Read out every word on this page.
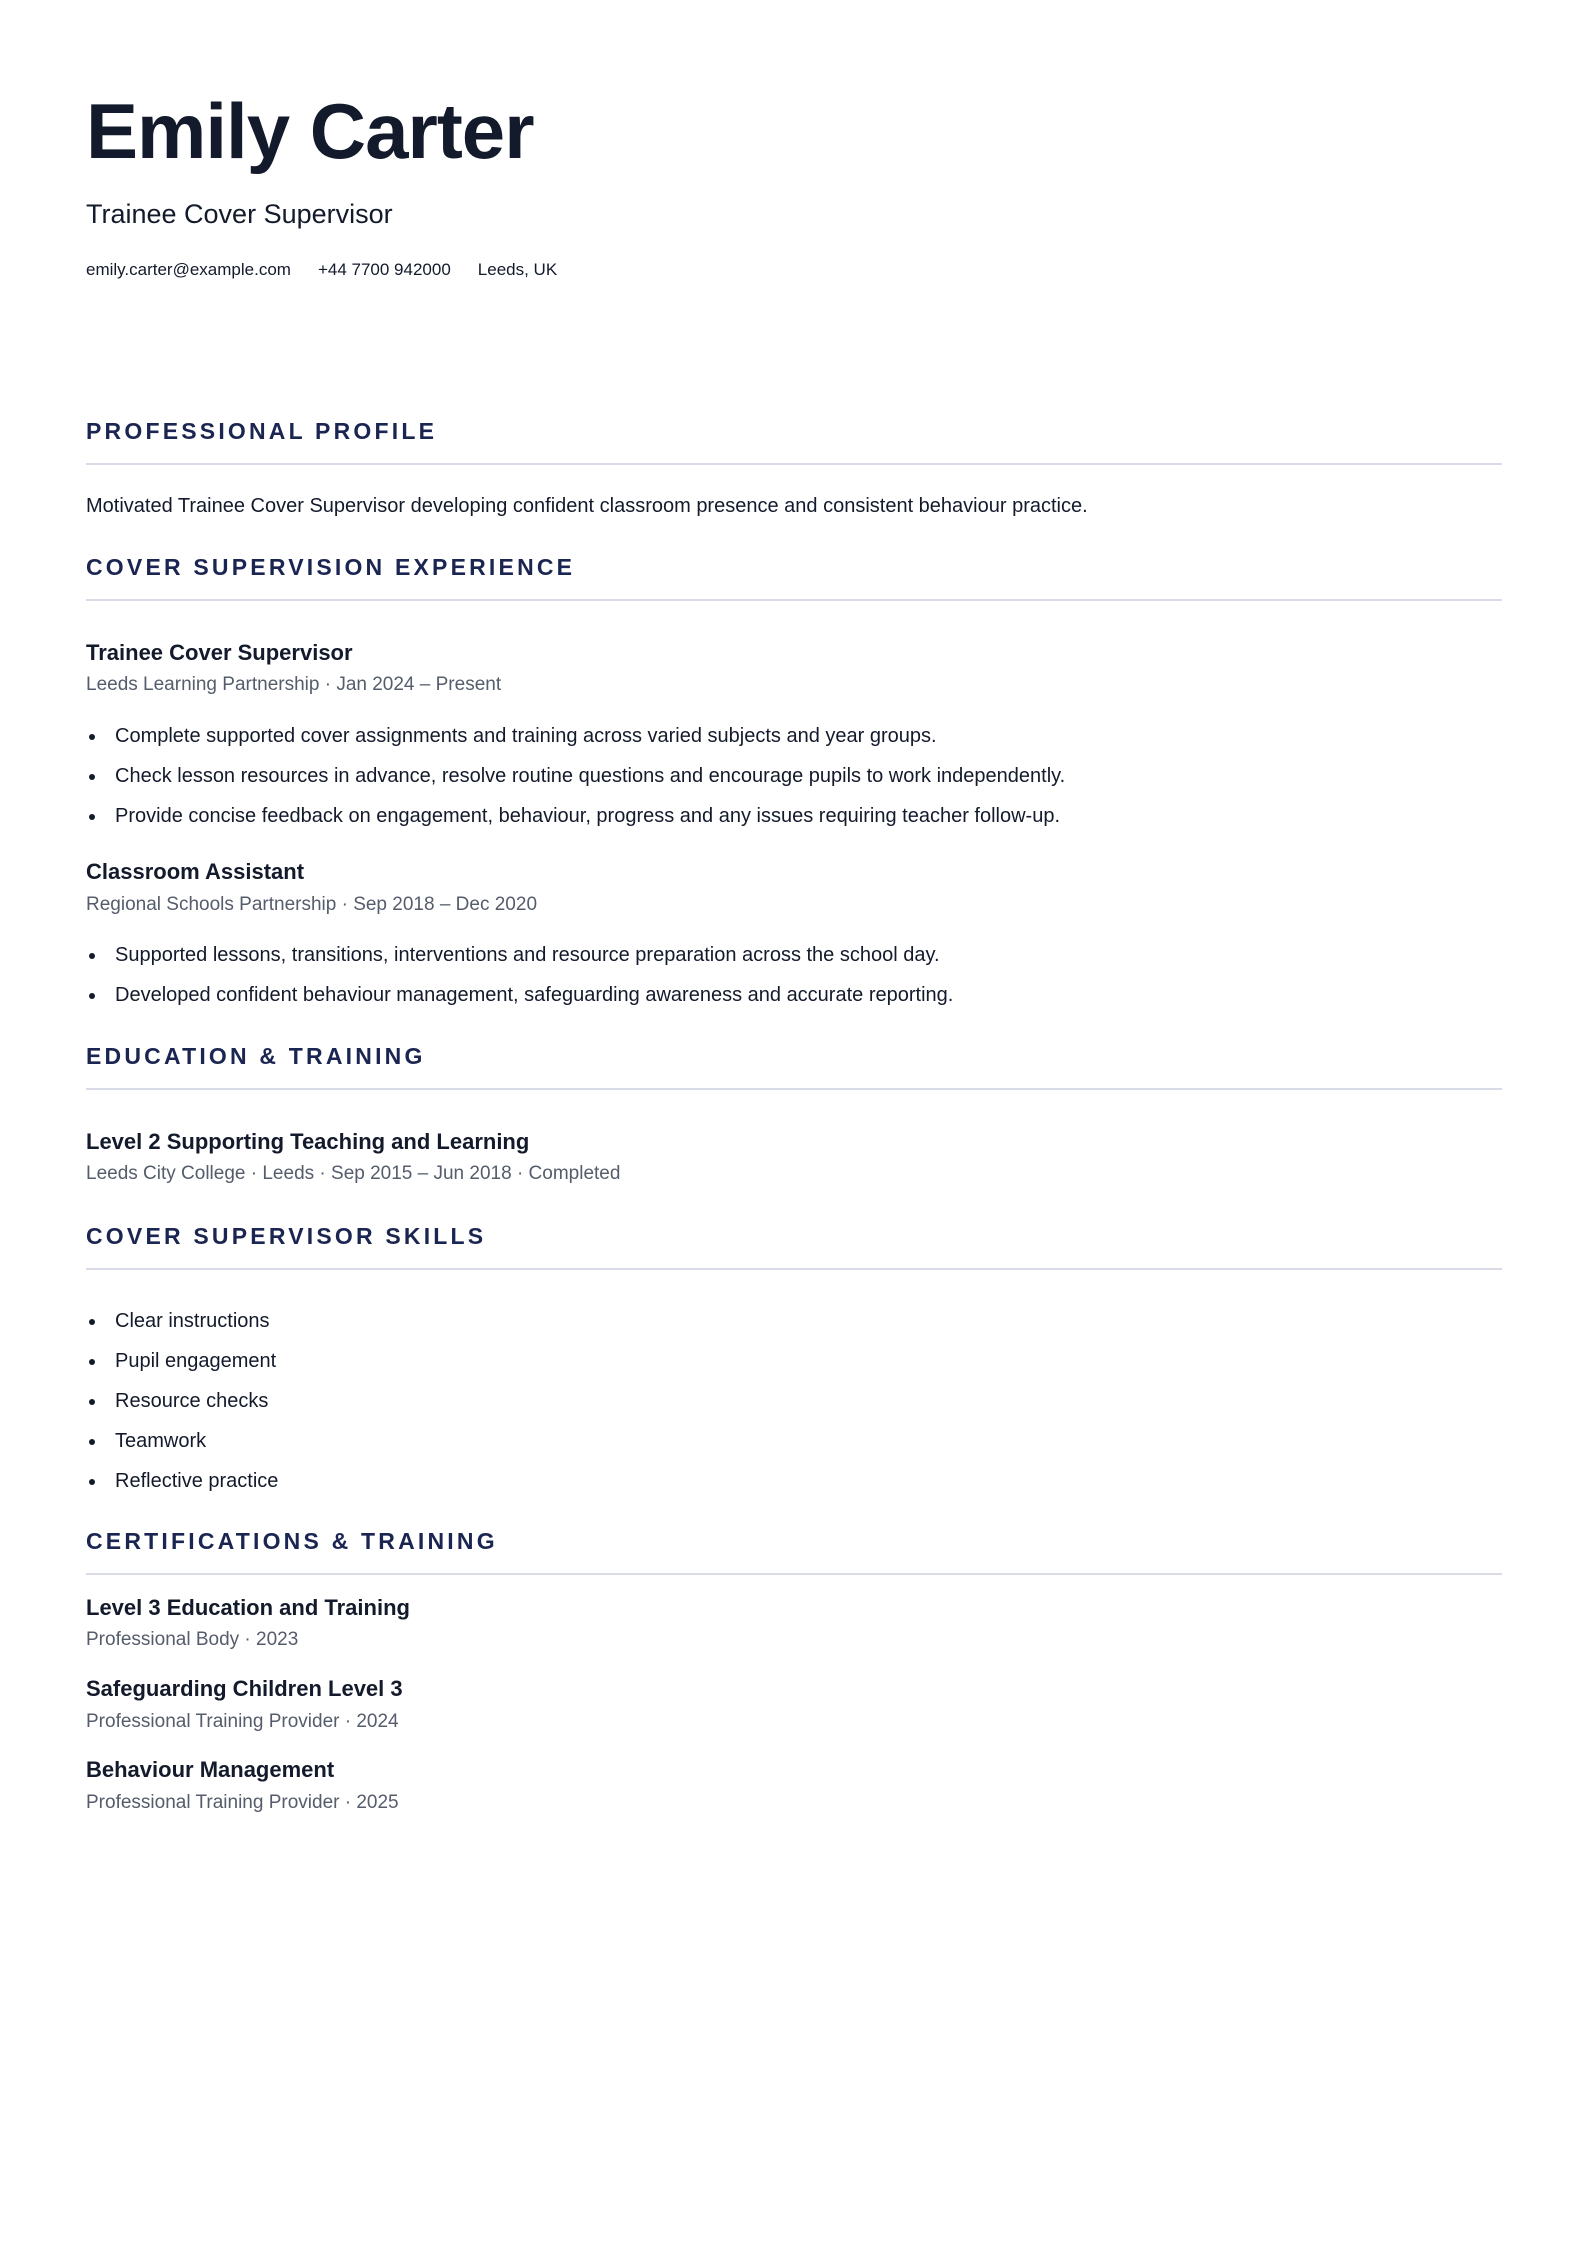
Emily Carter
Trainee Cover Supervisor
emily.carter@example.com +44 7700 942000 Leeds, UK
PROFESSIONAL PROFILE
Motivated Trainee Cover Supervisor developing confident classroom presence and consistent behaviour practice.
COVER SUPERVISION EXPERIENCE
Trainee Cover Supervisor
Leeds Learning Partnership · Jan 2024 – Present
Complete supported cover assignments and training across varied subjects and year groups.
Check lesson resources in advance, resolve routine questions and encourage pupils to work independently.
Provide concise feedback on engagement, behaviour, progress and any issues requiring teacher follow-up.
Classroom Assistant
Regional Schools Partnership · Sep 2018 – Dec 2020
Supported lessons, transitions, interventions and resource preparation across the school day.
Developed confident behaviour management, safeguarding awareness and accurate reporting.
EDUCATION & TRAINING
Level 2 Supporting Teaching and Learning
Leeds City College · Leeds · Sep 2015 – Jun 2018 · Completed
COVER SUPERVISOR SKILLS
Clear instructions
Pupil engagement
Resource checks
Teamwork
Reflective practice
CERTIFICATIONS & TRAINING
Level 3 Education and Training
Professional Body · 2023
Safeguarding Children Level 3
Professional Training Provider · 2024
Behaviour Management
Professional Training Provider · 2025
